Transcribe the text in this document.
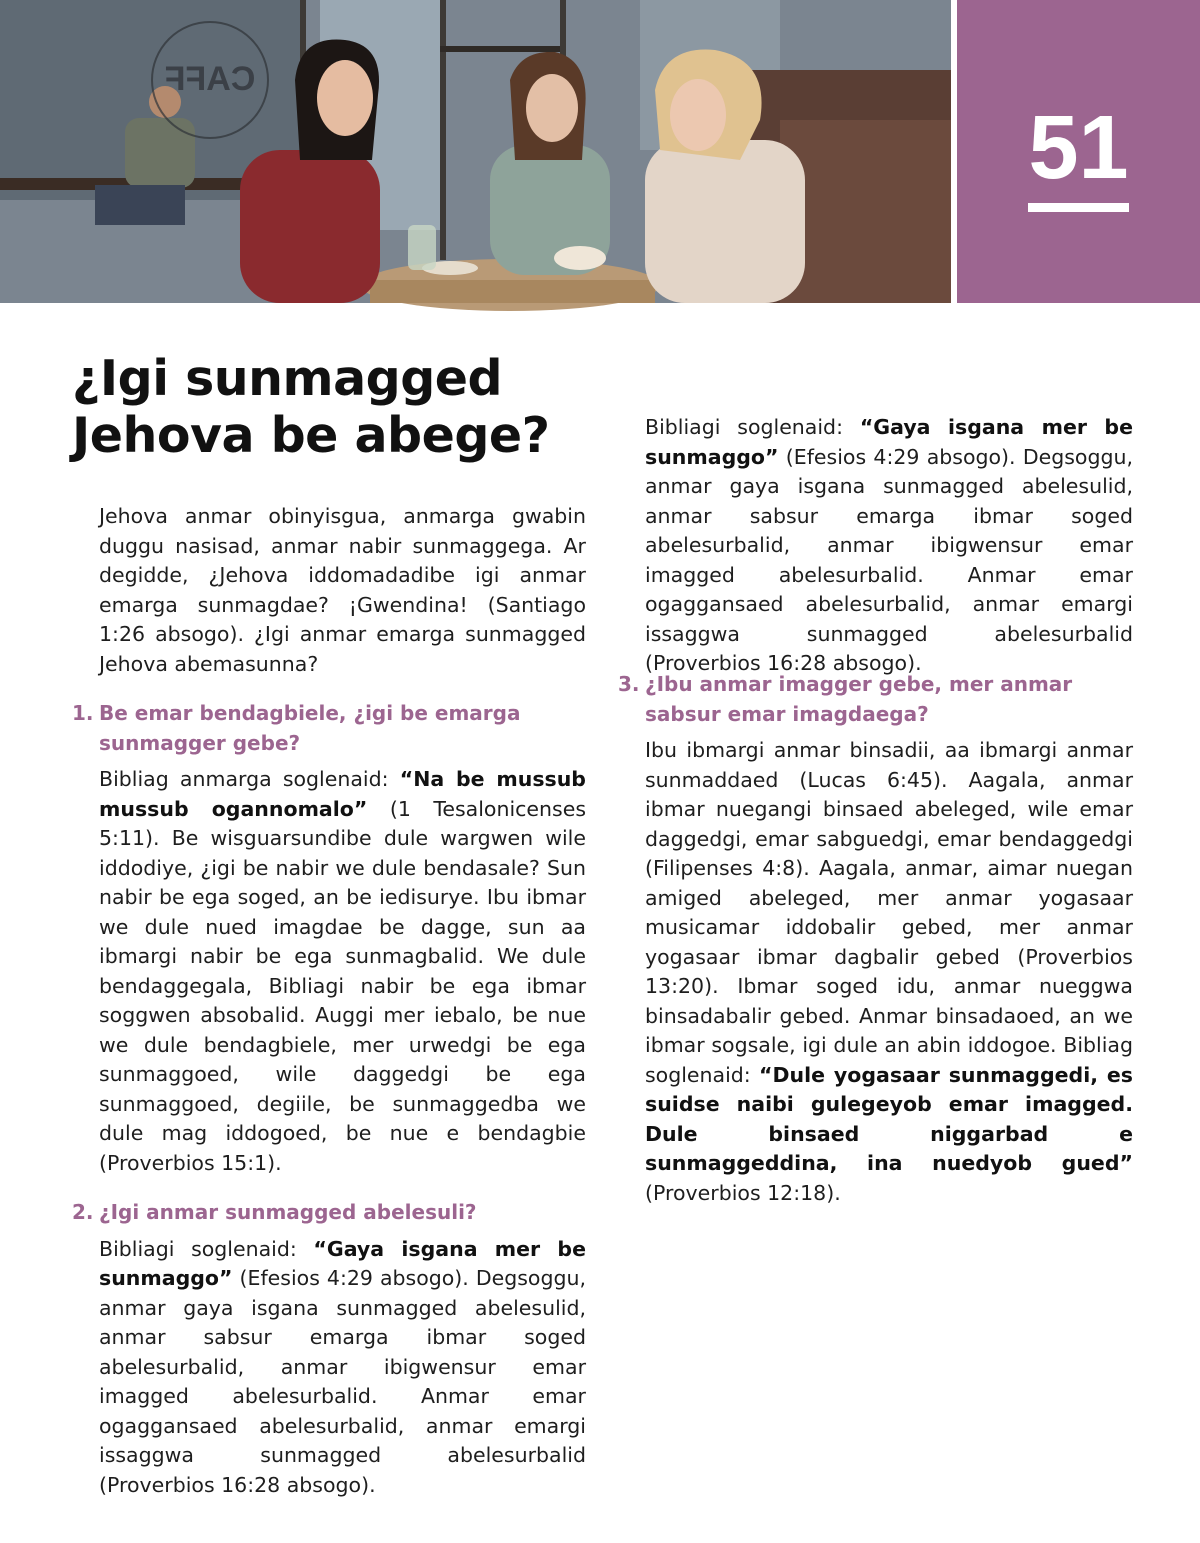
CAFF
51
¿Igi sunmagged
Jehova be abege?

Jehova anmar obinyisgua, anmarga gwabin duggu nasisad, anmar nabir sunmaggega. Ar degidde, ¿Jehova iddomadadibe igi anmar emarga sunmagdae? ¡Gwendina! (Santiago 1:26 absogo). ¿Igi anmar emarga sunmagged Jehova abemasunna?

1. Be emar bendagbiele, ¿igi be emarga sunmagger gebe?

Bibliag anmarga soglenaid: “Na be mussub mussub ogannomalo” (1 Tesalonicenses 5:11). Be wisguarsundibe dule wargwen wile iddodiye, ¿igi be nabir we dule bendasale? Sun nabir be ega soged, an be iedisurye. Ibu ibmar we dule nued imagdae be dagge, sun aa ibmargi nabir be ega sunmagbalid. We dule bendaggegala, Bibliagi nabir be ega ibmar soggwen absobalid. Auggi mer iebalo, be nue we dule bendagbiele, mer urwedgi be ega sunmaggoed, wile daggedgi be ega sunmaggoed, degiile, be sunmaggedba we dule mag iddogoed, be nue e bendagbie (Proverbios 15:1).

2. ¿Igi anmar sunmagged abelesuli?

Bibliagi soglenaid: “Gaya isgana mer be sunmaggo” (Efesios 4:29 absogo). Degsoggu, anmar gaya isgana sunmagged abelesulid, anmar sabsur emarga ibmar soged abelesurbalid, anmar ibigwensur emar imagged abelesurbalid. Anmar emar ogaggansaed abelesurbalid, anmar emargi issaggwa sunmagged abelesurbalid (Proverbios 16:28 absogo).

Bibliagi soglenaid: “Gaya isgana mer be sunmaggo” (Efesios 4:29 absogo). Degsoggu, anmar gaya isgana sunmagged abelesulid, anmar sabsur emarga ibmar soged abelesurbalid, anmar ibigwensur emar imagged abelesurbalid. Anmar emar ogaggansaed abelesurbalid, anmar emargi issaggwa sunmagged abelesurbalid (Proverbios 16:28 absogo).

3. ¿Ibu anmar imagger gebe, mer anmar sabsur emar imagdaega?

Ibu ibmargi anmar binsadii, aa ibmargi anmar sunmaddaed (Lucas 6:45). Aagala, anmar ibmar nuegangi binsaed abeleged, wile emar daggedgi, emar sabguedgi, emar bendaggedgi (Filipenses 4:8). Aagala, anmar, aimar nuegan amiged abeleged, mer anmar yogasaar musicamar iddobalir gebed, mer anmar yogasaar ibmar dagbalir gebed (Proverbios 13:20). Ibmar soged idu, anmar nueggwa binsadabalir gebed. Anmar binsadaoed, an we ibmar sogsale, igi dule an abin iddogoe. Bibliag soglenaid: “Dule yogasaar sunmaggedi, es suidse naibi gulegeyob emar imagged. Dule binsaed niggarbad e sunmaggeddina, ina nuedyob gued” (Proverbios 12:18).
